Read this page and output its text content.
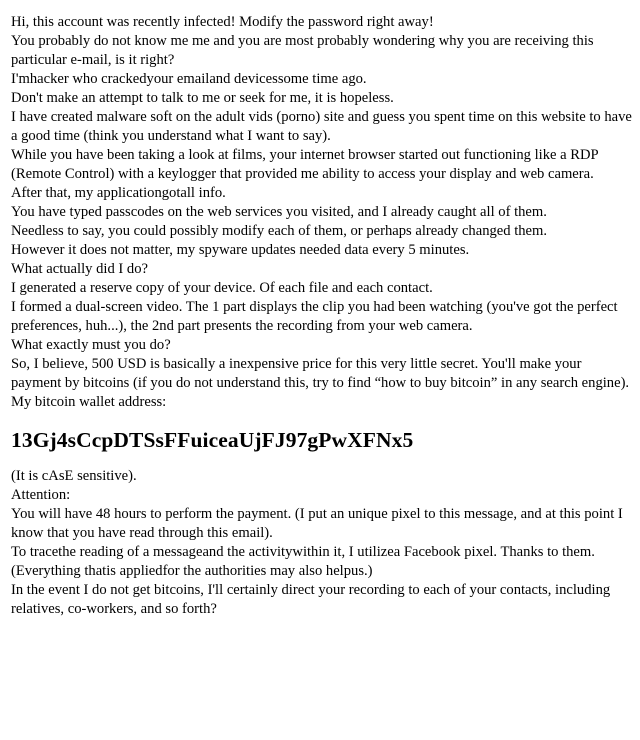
Hi, this account was recently infected! Modify the password right away!

You probably do not know me me and you are most probably wondering why you are receiving this particular e-mail, is it right?

I'mhacker who crackedyour emailand devicessome time ago.

Don't make an attempt to talk to me or seek for me, it is hopeless.

I have created malware soft on the adult vids (porno) site and guess you spent time on this website to have a good time (think you understand what I want to say).

While you have been taking a look at films, your internet browser started out functioning like a RDP (Remote Control) with a keylogger that provided me ability to access your display and web camera.

After that, my applicationgotall info.

You have typed passcodes on the web services you visited, and I already caught all of them.

Needless to say, you could possibly modify each of them, or perhaps already changed them.

However it does not matter, my spyware updates needed data every 5 minutes.

What actually did I do?

I generated a reserve copy of your device. Of each file and each contact.

I formed a dual-screen video. The 1 part displays the clip you had been watching (you've got the perfect preferences, huh...), the 2nd part presents the recording from your web camera.

What exactly must you do?

So, I believe, 500 USD is basically a inexpensive price for this very little secret. You'll make your payment by bitcoins (if you do not understand this, try to find “how to buy bitcoin” in any search engine).

My bitcoin wallet address:

13Gj4sCcpDTSsFFuiceaUjFJ97gPwXFNx5

(It is cAsE sensitive).

Attention:

You will have 48 hours to perform the payment. (I put an unique pixel to this message, and at this point I know that you have read through this email).

To tracethe reading of a messageand the activitywithin it, I utilizea Facebook pixel. Thanks to them. (Everything thatis appliedfor the authorities may also helpus.)

In the event I do not get bitcoins, I'll certainly direct your recording to each of your contacts, including relatives, co-workers, and so forth?
